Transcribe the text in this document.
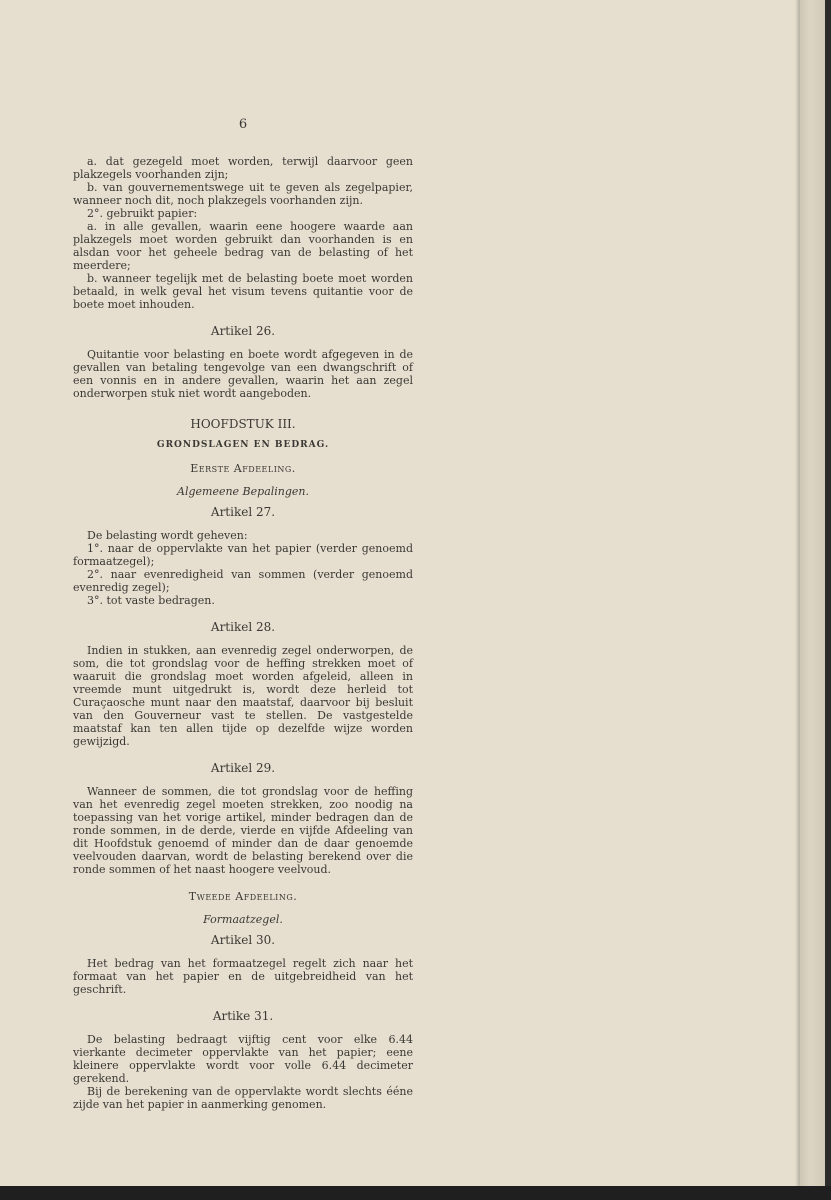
6

a. dat gezegeld moet worden, terwijl daarvoor geen plakzegels voorhanden zijn;

b. van gouvernementswege uit te geven als zegelpapier, wanneer noch dit, noch plakzegels voorhanden zijn.

2°. gebruikt papier:

a. in alle gevallen, waarin eene hoogere waarde aan plakzegels moet worden gebruikt dan voorhanden is en alsdan voor het geheele bedrag van de belasting of het meerdere;

b. wanneer tegelijk met de belasting boete moet worden betaald, in welk geval het visum tevens quitantie voor de boete moet inhouden.

Artikel 26.

Quitantie voor belasting en boete wordt afgegeven in de gevallen van betaling tengevolge van een dwangschrift of een vonnis en in andere gevallen, waarin het aan zegel onderworpen stuk niet wordt aangeboden.

HOOFDSTUK III.
GRONDSLAGEN EN BEDRAG.
Eerste Afdeeling.
Algemeene Bepalingen.
Artikel 27.

De belasting wordt geheven:

1°. naar de oppervlakte van het papier (verder genoemd formaatzegel);

2°. naar evenredigheid van sommen (verder genoemd evenredig zegel);

3°. tot vaste bedragen.

Artikel 28.

Indien in stukken, aan evenredig zegel onderworpen, de som, die tot grondslag voor de heffing strekken moet of waaruit die grondslag moet worden afgeleid, alleen in vreemde munt uitgedrukt is, wordt deze herleid tot Curaçaosche munt naar den maatstaf, daarvoor bij besluit van den Gouverneur vast te stellen. De vastgestelde maatstaf kan ten allen tijde op dezelfde wijze worden gewijzigd.

Artikel 29.

Wanneer de sommen, die tot grondslag voor de heffing van het evenredig zegel moeten strekken, zoo noodig na toepassing van het vorige artikel, minder bedragen dan de ronde sommen, in de derde, vierde en vijfde Afdeeling van dit Hoofdstuk genoemd of minder dan de daar genoemde veelvouden daarvan, wordt de belasting berekend over die ronde sommen of het naast hoogere veelvoud.

Tweede Afdeeling.
Formaatzegel.
Artikel 30.

Het bedrag van het formaatzegel regelt zich naar het formaat van het papier en de uitgebreidheid van het geschrift.

Artike 31.

De belasting bedraagt vijftig cent voor elke 6.44 vierkante decimeter oppervlakte van het papier; eene kleinere oppervlakte wordt voor volle 6.44 decimeter gerekend.

Bij de berekening van de oppervlakte wordt slechts ééne zijde van het papier in aanmerking genomen.
